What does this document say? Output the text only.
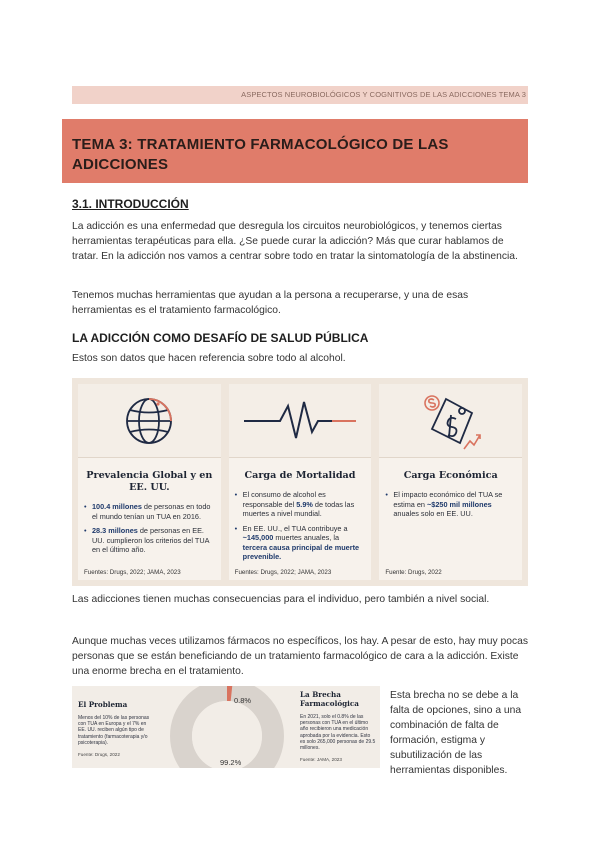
ASPECTOS NEUROBIOLÓGICOS Y COGNITIVOS DE LAS ADICCIONES TEMA 3
TEMA 3: TRATAMIENTO FARMACOLÓGICO DE LAS
ADICCIONES
3.1. INTRODUCCIÓN

La adicción es una enfermedad que desregula los circuitos neurobiológicos, y tenemos ciertas herramientas terapéuticas para ella. ¿Se puede curar la adicción? Más que curar hablamos de tratar. En la adicción nos vamos a centrar sobre todo en tratar la sintomatología de la abstinencia.

Tenemos muchas herramientas que ayudan a la persona a recuperarse, y una de esas herramientas es el tratamiento farmacológico.

LA ADICCIÓN COMO DESAFÍO DE SALUD PÚBLICA

Estos son datos que hacen referencia sobre todo al alcohol.

Prevalencia Global y en EE. UU.
• 100.4 millones de personas en todo el mundo tenían un TUA en 2016.
• 28.3 millones de personas en EE. UU. cumplieron los criterios del TUA en el último año.
Fuentes: Drugs, 2022; JAMA, 2023
Carga de Mortalidad
• El consumo de alcohol es responsable del 5.9% de todas las muertes a nivel mundial.
• En EE. UU., el TUA contribuye a ~145,000 muertes anuales, la tercera causa principal de muerte prevenible.
Fuentes: Drugs, 2022; JAMA, 2023
Carga Económica
• El impacto económico del TUA se estima en ~$250 mil millones anuales solo en EE. UU.
Fuente: Drugs, 2022

Las adicciones tienen muchas consecuencias para el individuo, pero también a nivel social.

Aunque muchas veces utilizamos fármacos no específicos, los hay. A pesar de esto, hay muy pocas personas que se están beneficiando de un tratamiento farmacológico de cara a la adicción. Existe una enorme brecha en el tratamiento.

El Problema

Menos del 10% de las personas con TUA en Europa y el 7% en EE. UU. reciben algún tipo de tratamiento (farmacoterapia y/o psicoterapia).

Fuente: Drugs, 2022
0.8%
99.2%
La Brecha Farmacológica

En 2021, solo el 0.8% de las personas con TUA en el último año recibieron una medicación aprobada por la evidencia. Esto es solo 265,000 personas de 29.5 millones.

Fuente: JAMA, 2023

Esta brecha no se debe a la falta de opciones, sino a una combinación de falta de formación, estigma y subutilización de las herramientas disponibles.
